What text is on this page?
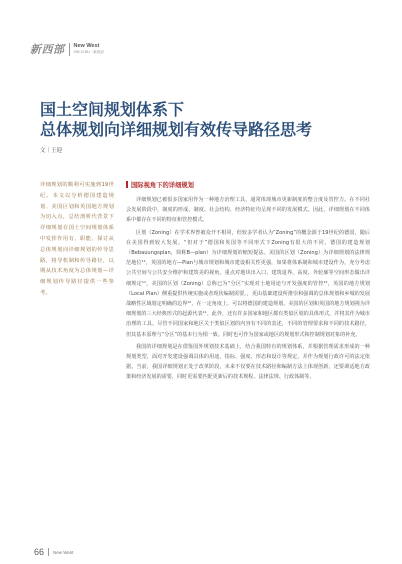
新西部 New West
XIN XI BU · 新西部
国土空间规划体系下
总体规划向详细规划有效传导路径思考
文｜王迎

详细规划的顺利可实施到19世纪。本文以分析德国建造规划、美国区划和英国地方规划为切入点，总结剖析代背景下详细规划在国土空间规划体系中发挥作用有、职能、探讨从总体规划向详细规划的传导思路，将导机制和传导路径，以期从技术角度为总体规划—详细规划传导路径提供一些参考。

国际视角下的详细规划

详细规划已被很多国家用作为一种地方治理工具，通常体现城市更新制度的整合度及管控力。在不同社会发展阶段中，制度的形成、制度、社会结构、经济特征均呈现不同的发展模式。因此，详细规划在不同体系中都存在不同的特征和管控模式。

区划（Zoning）在学术界曾被众开不相同，但较多学者认为“Zoning”的概念源于19世纪的德国，随后在美国得到较大发展。“但对于”德国和英国等不同形式下Zoning有很大的不同，德国的建造规划（Bebauungsplan，简称B—plan）为详细规划的缩短提法。美国的区划（Zoning）为详细规划的法律规范地位¹¹，英国的地方—Plan与城市规划和城市建设相关性更强，如果将体系制和城市建设作为，充分考虑公共空间与公共安全维护和建筑美的视角，重点对地块出入口、建筑退界、高度、外轮廓等空间形态做出详细规定¹¹，美国的区划（Zoning）总称已为“分区”实现对土地用途与开发强度的管控¹²，英国的地方规划（Local Plan）侧重提供传统实施或者现状编制需要。，更由基础建设所推崇和强调的总体规划和乡城的发展战略性区域划定明确的边界¹²，在一定角度上，可以将德国的建造规划、美国的区划和英国的地方规划视为详细规划的三大经典形式的起源代表¹¹。此外，还有许多国家和地区都有类似区划的具体形式，并将其作为城市治理的工具。尽管不同国家和地区关于类似区划的内容有不同的表述，不同的管理要求和不同的技术路径，但其基本原理与“分区”的基本行为相一致。同时也可作为国家或地区的规划形式和控制规划对象的补充。

我国的详细规划是在借鉴国外规划技术基础上，结合我国特有的规划体系，并根据管理需求形成的一种规划类型，面对开发建设强调具体的用途、指标、强度、形态和设计等规定，并作为规划行政许可的法定依据。当前，我国详细规划正处于改革阶段，未来不仅要在技术路径和编制方法上体现创新，还要调适地方政策和经济发展的需要，同时更需要匹配更新后的技术规程、法律法规、行政体制等。

66 New West
